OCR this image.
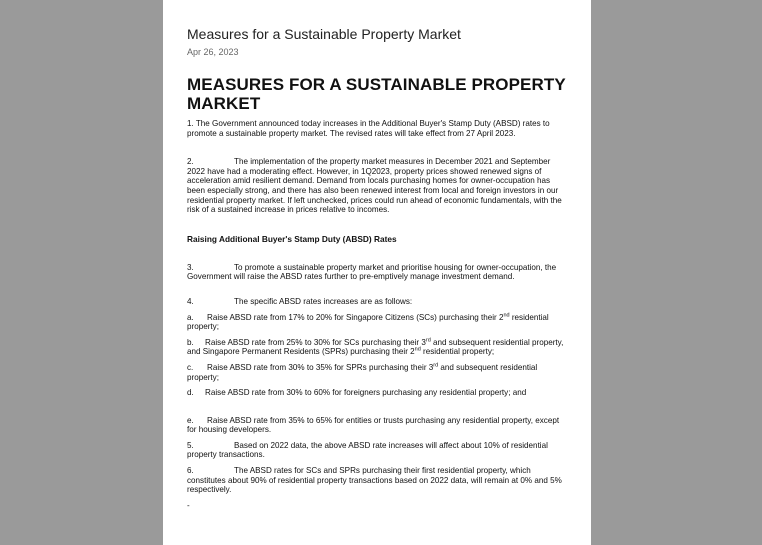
Measures for a Sustainable Property Market
Apr 26, 2023
MEASURES FOR A SUSTAINABLE PROPERTY MARKET
1. The Government announced today increases in the Additional Buyer's Stamp Duty (ABSD) rates to promote a sustainable property market. The revised rates will take effect from 27 April 2023.
2.	The implementation of the property market measures in December 2021 and September 2022 have had a moderating effect. However, in 1Q2023, property prices showed renewed signs of acceleration amid resilient demand. Demand from locals purchasing homes for owner-occupation has been especially strong, and there has also been renewed interest from local and foreign investors in our residential property market. If left unchecked, prices could run ahead of economic fundamentals, with the risk of a sustained increase in prices relative to incomes.
Raising Additional Buyer's Stamp Duty (ABSD) Rates
3.	To promote a sustainable property market and prioritise housing for owner-occupation, the Government will raise the ABSD rates further to pre-emptively manage investment demand.
4.	The specific ABSD rates increases are as follows:
a. Raise ABSD rate from 17% to 20% for Singapore Citizens (SCs) purchasing their 2nd residential property;
b. Raise ABSD rate from 25% to 30% for SCs purchasing their 3rd and subsequent residential property, and Singapore Permanent Residents (SPRs) purchasing their 2nd residential property;
c. Raise ABSD rate from 30% to 35% for SPRs purchasing their 3rd and subsequent residential property;
d. Raise ABSD rate from 30% to 60% for foreigners purchasing any residential property; and
e. Raise ABSD rate from 35% to 65% for entities or trusts purchasing any residential property, except for housing developers.
5.	Based on 2022 data, the above ABSD rate increases will affect about 10% of residential property transactions.
6.	The ABSD rates for SCs and SPRs purchasing their first residential property, which constitutes about 90% of residential property transactions based on 2022 data, will remain at 0% and 5% respectively.
-
